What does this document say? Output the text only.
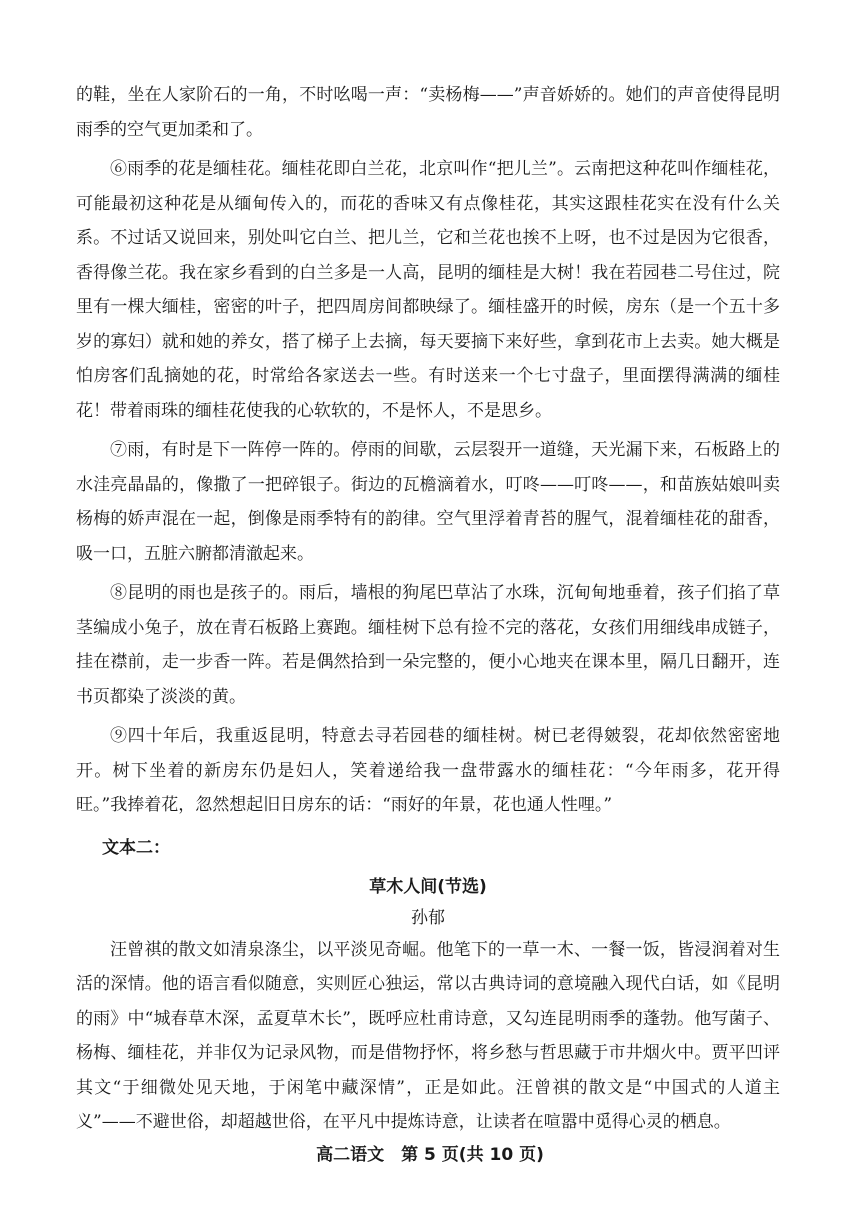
的鞋，坐在人家阶石的一角，不时吆喝一声：“卖杨梅——”声音娇娇的。她们的声音使得昆明雨季的空气更加柔和了。

⑥雨季的花是缅桂花。缅桂花即白兰花，北京叫作“把儿兰”。云南把这种花叫作缅桂花，可能最初这种花是从缅甸传入的，而花的香味又有点像桂花，其实这跟桂花实在没有什么关系。不过话又说回来，别处叫它白兰、把儿兰，它和兰花也挨不上呀，也不过是因为它很香，香得像兰花。我在家乡看到的白兰多是一人高，昆明的缅桂是大树！我在若园巷二号住过，院里有一棵大缅桂，密密的叶子，把四周房间都映绿了。缅桂盛开的时候，房东（是一个五十多岁的寡妇）就和她的养女，搭了梯子上去摘，每天要摘下来好些，拿到花市上去卖。她大概是怕房客们乱摘她的花，时常给各家送去一些。有时送来一个七寸盘子，里面摆得满满的缅桂花！带着雨珠的缅桂花使我的心软软的，不是怀人，不是思乡。

⑦雨，有时是下一阵停一阵的。停雨的间歇，云层裂开一道缝，天光漏下来，石板路上的水洼亮晶晶的，像撒了一把碎银子。街边的瓦檐滴着水，叮咚——叮咚——，和苗族姑娘叫卖杨梅的娇声混在一起，倒像是雨季特有的韵律。空气里浮着青苔的腥气，混着缅桂花的甜香，吸一口，五脏六腑都清澈起来。

⑧昆明的雨也是孩子的。雨后，墙根的狗尾巴草沾了水珠，沉甸甸地垂着，孩子们掐了草茎编成小兔子，放在青石板路上赛跑。缅桂树下总有捡不完的落花，女孩们用细线串成链子，挂在襟前，走一步香一阵。若是偶然拾到一朵完整的，便小心地夹在课本里，隔几日翻开，连书页都染了淡淡的黄。

⑨四十年后，我重返昆明，特意去寻若园巷的缅桂树。树已老得皴裂，花却依然密密地开。树下坐着的新房东仍是妇人，笑着递给我一盘带露水的缅桂花：“今年雨多，花开得旺。”我捧着花，忽然想起旧日房东的话：“雨好的年景，花也通人性哩。”

文本二：
草木人间(节选)
孙郁

汪曾祺的散文如清泉涤尘，以平淡见奇崛。他笔下的一草一木、一餐一饭，皆浸润着对生活的深情。他的语言看似随意，实则匠心独运，常以古典诗词的意境融入现代白话，如《昆明的雨》中“城春草木深，孟夏草木长”，既呼应杜甫诗意，又勾连昆明雨季的蓬勃。他写菌子、杨梅、缅桂花，并非仅为记录风物，而是借物抒怀，将乡愁与哲思藏于市井烟火中。贾平凹评其文“于细微处见天地，于闲笔中藏深情”，正是如此。汪曾祺的散文是“中国式的人道主义”——不避世俗，却超越世俗，在平凡中提炼诗意，让读者在喧嚣中觅得心灵的栖息。

高二语文　第 5 页(共 10 页)
